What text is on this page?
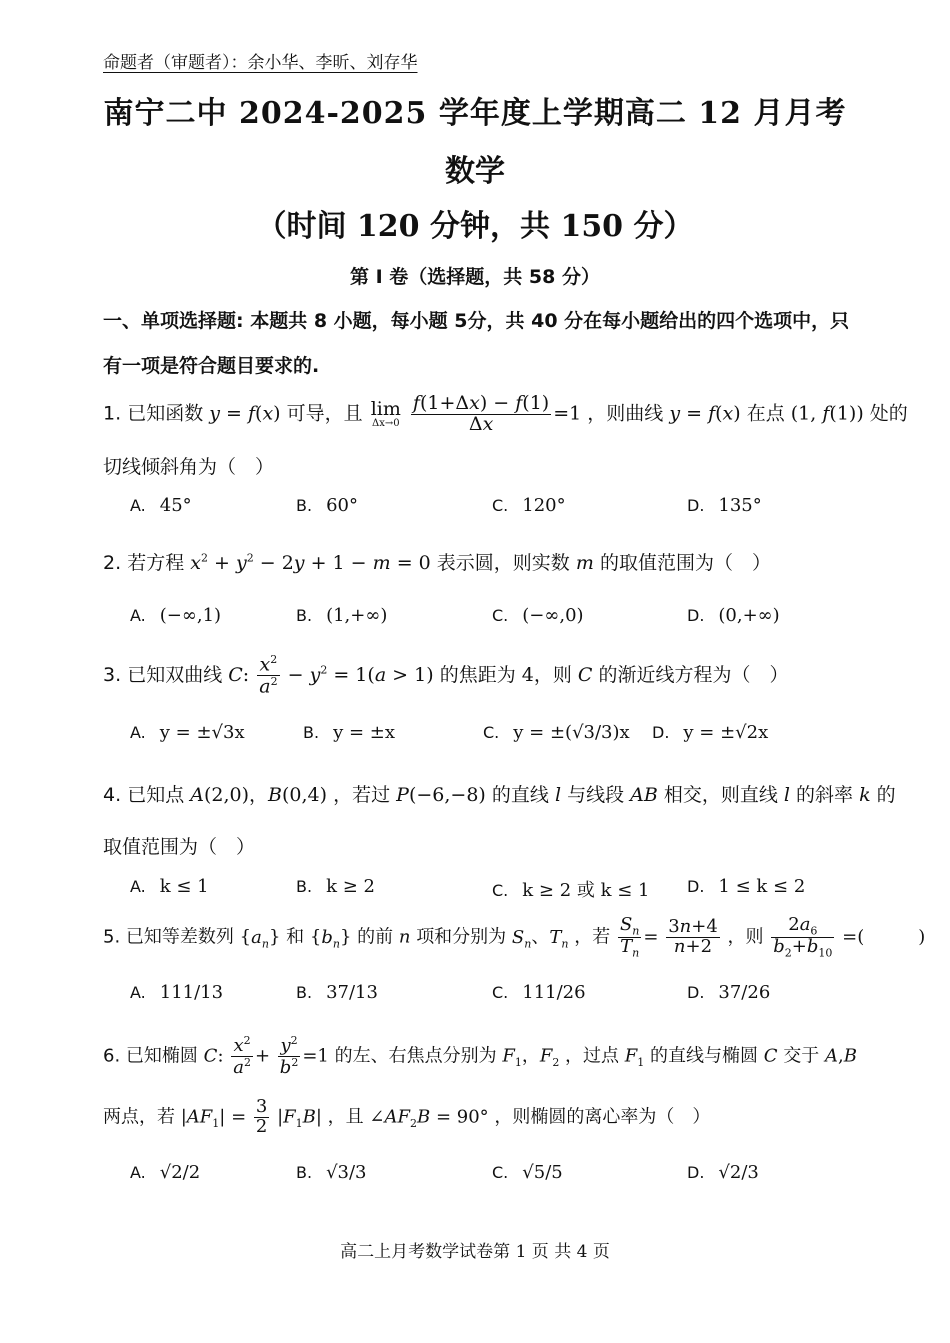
命题者（审题者）：余小华、李昕、刘存华
南宁二中 2024-2025 学年度上学期高二 12 月月考
数学
（时间 120 分钟，共 150 分）
第 I 卷（选择题，共 58 分）
一、单项选择题: 本题共 8 小题，每小题 5分，共 40 分在每小题给出的四个选项中，只
有一项是符合题目要求的.
1. 已知函数 y = f(x) 可导，且 lim
Δx→0
$\frac{f(1+\Delta x) - f(1)}{\Delta x} =1$ ，则曲线 y = f(x) 在点 (1, f(1)) 处的
切线倾斜角为（　）
A. 45°	B. 60°	C. 120°	D. 135°
2. 若方程 $x^2 + y^2 - 2y + 1 - m = 0$ 表示圆，则实数 m 的取值范围为（　）
A. (−∞,1)	B. (1,+∞)	C. (−∞,0)	D. (0,+∞)
3. 已知双曲线 C: $\frac{x^2}{a^2} - y^2 = 1(a > 1)$ 的焦距为 4，则 C 的渐近线方程为（　）
A. y = ±√3x	B. y = ±x	C. y = ±(√3/3)x D. y = ±√2x
4. 已知点 A(2,0)，B(0,4) ，若过 P(−6,−8) 的直线 l 与线段 AB 相交，则直线 l 的斜率 k 的
取值范围为（　）
A. k ≤ 1	B. k ≥ 2	C. k ≥ 2 或 k ≤ 1 D. 1 ≤ k ≤ 2
5. 已知等差数列 $\{a_n\}$ 和 $\{b_n\}$ 的前 n 项和分别为 $S_n$、$T_n$ ，若 $\frac{S_n}{T_n} = \frac{3n+4}{n+2}$ ，则 $\frac{2a_6}{b_2+b_{10}}$ =(　　　)
A. 111/13	B. 37/13	C. 111/26	D. 37/26
6. 已知椭圆 C: $\frac{x^2}{a^2} + \frac{y^2}{b^2} =1$ 的左、右焦点分别为 $F_1$，$F_2$ ，过点 $F_1$ 的直线与椭圆 C 交于 A,B
两点，若 $|AF_1| = \frac{3}{2} |F_1B|$ ，且 $\angle AF_2B = 90^\circ$ ，则椭圆的离心率为（　）
A. √2/2	B. √3/3	C. √5/5	D. √2/3
高二上月考数学试卷第 1 页 共 4 页
